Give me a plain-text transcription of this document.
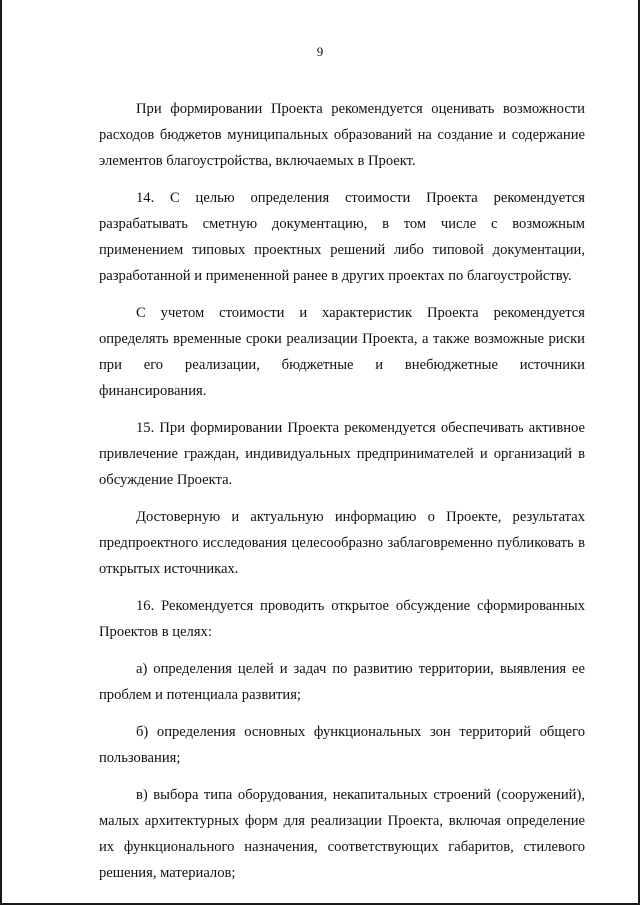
9

При формировании Проекта рекомендуется оценивать возможности расходов бюджетов муниципальных образований на создание и содержание элементов благоустройства, включаемых в Проект.

14. С целью определения стоимости Проекта рекомендуется разрабатывать сметную документацию, в том числе с возможным применением типовых проектных решений либо типовой документации, разработанной и примененной ранее в других проектах по благоустройству.

С учетом стоимости и характеристик Проекта рекомендуется определять временные сроки реализации Проекта, а также возможные риски при его реализации, бюджетные и внебюджетные источники финансирования.

15. При формировании Проекта рекомендуется обеспечивать активное привлечение граждан, индивидуальных предпринимателей и организаций в обсуждение Проекта.

Достоверную и актуальную информацию о Проекте, результатах предпроектного исследования целесообразно заблаговременно публиковать в открытых источниках.

16. Рекомендуется проводить открытое обсуждение сформированных Проектов в целях:

а) определения целей и задач по развитию территории, выявления ее проблем и потенциала развития;

б) определения основных функциональных зон территорий общего пользования;

в) выбора типа оборудования, некапитальных строений (сооружений), малых архитектурных форм для реализации Проекта, включая определение их функционального назначения, соответствующих габаритов, стилевого решения, материалов;
